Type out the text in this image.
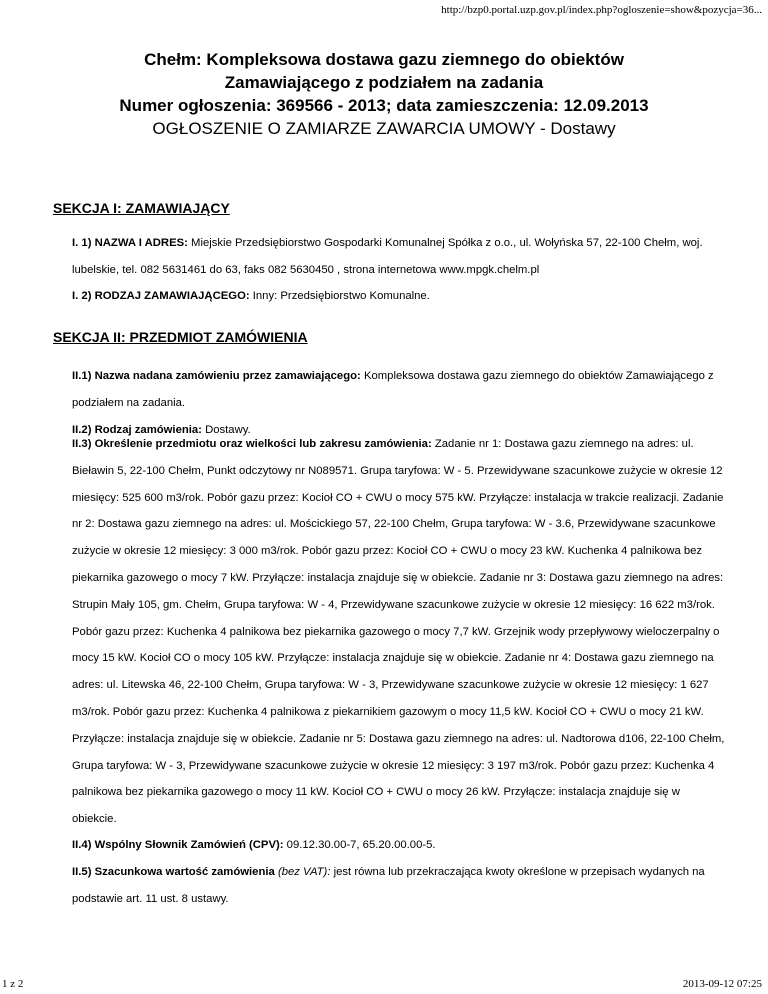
http://bzp0.portal.uzp.gov.pl/index.php?ogloszenie=show&pozycja=36...
Chełm: Kompleksowa dostawa gazu ziemnego do obiektów
Zamawiającego z podziałem na zadania
Numer ogłoszenia: 369566 - 2013; data zamieszczenia: 12.09.2013
OGŁOSZENIE O ZAMIARZE ZAWARCIA UMOWY - Dostawy
SEKCJA I: ZAMAWIAJĄCY
I. 1) NAZWA I ADRES: Miejskie Przedsiębiorstwo Gospodarki Komunalnej Spółka z o.o., ul. Wołyńska 57, 22-100 Chełm, woj. lubelskie, tel. 082 5631461 do 63, faks 082 5630450 , strona internetowa www.mpgk.chelm.pl
I. 2) RODZAJ ZAMAWIAJĄCEGO: Inny: Przedsiębiorstwo Komunalne.
SEKCJA II: PRZEDMIOT ZAMÓWIENIA
II.1) Nazwa nadana zamówieniu przez zamawiającego: Kompleksowa dostawa gazu ziemnego do obiektów Zamawiającego z podziałem na zadania.
II.2) Rodzaj zamówienia: Dostawy.
II.3) Określenie przedmiotu oraz wielkości lub zakresu zamówienia: Zadanie nr 1: Dostawa gazu ziemnego na adres: ul. Bieławin 5, 22-100 Chełm, Punkt odczytowy nr N089571. Grupa taryfowa: W - 5. Przewidywane szacunkowe zużycie w okresie 12 miesięcy: 525 600 m3/rok. Pobór gazu przez: Kocioł CO + CWU o mocy 575 kW. Przyłącze: instalacja w trakcie realizacji. Zadanie nr 2: Dostawa gazu ziemnego na adres: ul. Mościckiego 57, 22-100 Chełm, Grupa taryfowa: W - 3.6, Przewidywane szacunkowe zużycie w okresie 12 miesięcy: 3 000 m3/rok. Pobór gazu przez: Kocioł CO + CWU o mocy 23 kW. Kuchenka 4 palnikowa bez piekarnika gazowego o mocy 7 kW. Przyłącze: instalacja znajduje się w obiekcie. Zadanie nr 3: Dostawa gazu ziemnego na adres: Strupin Mały 105, gm. Chełm, Grupa taryfowa: W - 4, Przewidywane szacunkowe zużycie w okresie 12 miesięcy: 16 622 m3/rok. Pobór gazu przez: Kuchenka 4 palnikowa bez piekarnika gazowego o mocy 7,7 kW. Grzejnik wody przepływowy wieloczerpalny o mocy 15 kW. Kocioł CO o mocy 105 kW. Przyłącze: instalacja znajduje się w obiekcie. Zadanie nr 4: Dostawa gazu ziemnego na adres: ul. Litewska 46, 22-100 Chełm, Grupa taryfowa: W - 3, Przewidywane szacunkowe zużycie w okresie 12 miesięcy: 1 627 m3/rok. Pobór gazu przez: Kuchenka 4 palnikowa z piekarnikiem gazowym o mocy 11,5 kW. Kocioł CO + CWU o mocy 21 kW. Przyłącze: instalacja znajduje się w obiekcie. Zadanie nr 5: Dostawa gazu ziemnego na adres: ul. Nadtorowa d106, 22-100 Chełm, Grupa taryfowa: W - 3, Przewidywane szacunkowe zużycie w okresie 12 miesięcy: 3 197 m3/rok. Pobór gazu przez: Kuchenka 4 palnikowa bez piekarnika gazowego o mocy 11 kW. Kocioł CO + CWU o mocy 26 kW. Przyłącze: instalacja znajduje się w obiekcie.
II.4) Wspólny Słownik Zamówień (CPV): 09.12.30.00-7, 65.20.00.00-5.
II.5) Szacunkowa wartość zamówienia (bez VAT): jest równa lub przekraczająca kwoty określone w przepisach wydanych na podstawie art. 11 ust. 8 ustawy.
1 z 2	2013-09-12 07:25
